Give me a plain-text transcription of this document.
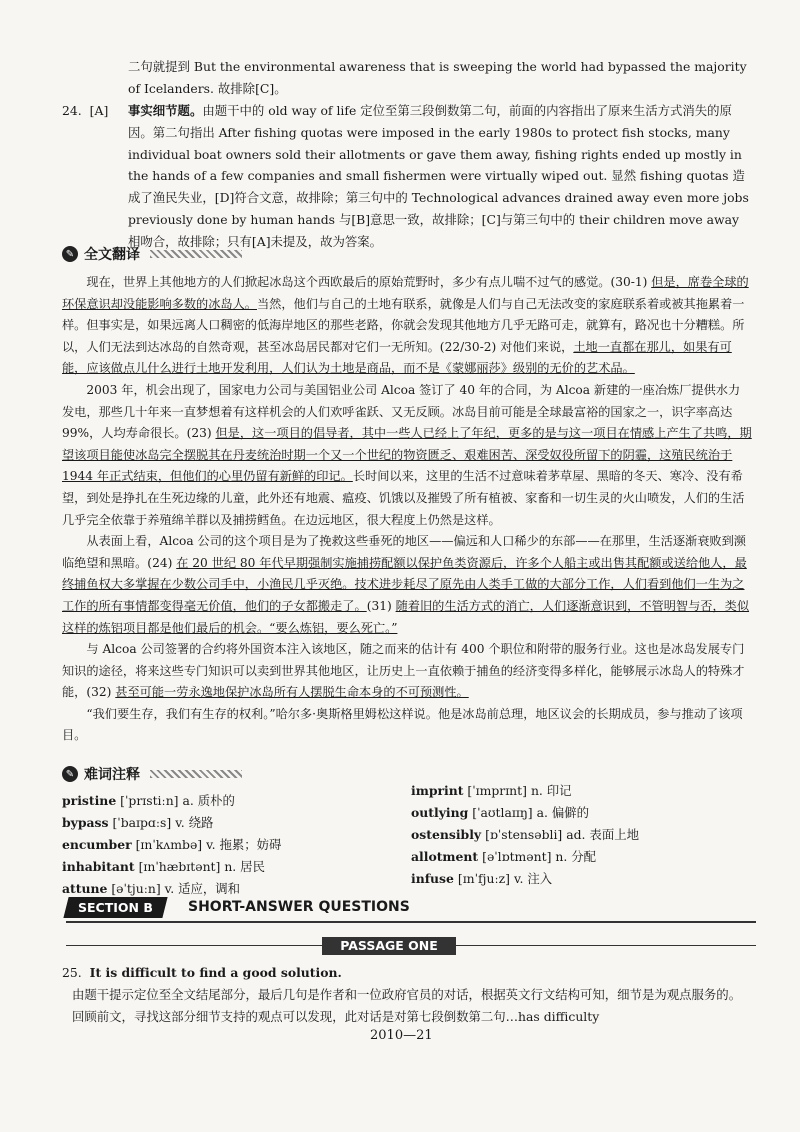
二句就提到 But the environmental awareness that is sweeping the world had bypassed the majority of Icelanders. 故排除[C]。
24. [A]	事实细节题。由题干中的 old way of life 定位至第三段倒数第二句，前面的内容指出了原来生活方式消失的原因。第二句指出 After fishing quotas were imposed in the early 1980s to protect fish stocks, many individual boat owners sold their allotments or gave them away, fishing rights ended up mostly in the hands of a few companies and small fishermen were virtually wiped out. 显然 fishing quotas 造成了渔民失业，[D]符合文意，故排除；第三句中的 Technological advances drained away even more jobs previously done by human hands 与[B]意思一致，故排除；[C]与第三句中的 their children move away 相吻合，故排除；只有[A]未提及，故为答案。
✎ 全文翻译

现在，世界上其他地方的人们掀起冰岛这个西欧最后的原始荒野时，多少有点儿喘不过气的感觉。(30-1) 但是，席卷全球的环保意识却没能影响多数的冰岛人。当然，他们与自己的土地有联系，就像是人们与自己无法改变的家庭联系着或被其拖累着一样。但事实是，如果远离人口稠密的低海岸地区的那些老路，你就会发现其他地方几乎无路可走，就算有，路况也十分糟糕。所以，人们无法到达冰岛的自然奇观，甚至冰岛居民都对它们一无所知。(22/30-2) 对他们来说，土地一直都在那儿，如果有可能，应该做点儿什么进行土地开发利用，人们认为土地是商品，而不是《蒙娜丽莎》级别的无价的艺术品。

2003 年，机会出现了，国家电力公司与美国铝业公司 Alcoa 签订了 40 年的合同，为 Alcoa 新建的一座冶炼厂提供水力发电，那些几十年来一直梦想着有这样机会的人们欢呼雀跃、又无反顾。冰岛目前可能是全球最富裕的国家之一，识字率高达 99%，人均寿命很长。(23) 但是，这一项目的倡导者，其中一些人已经上了年纪，更多的是与这一项目在情感上产生了共鸣，期望该项目能使冰岛完全摆脱其在丹麦统治时期一个又一个世纪的物资匮乏、艰难困苦、深受奴役所留下的阴霾，这殖民统治于 1944 年正式结束，但他们的心里仍留有新鲜的印记。长时间以来，这里的生活不过意味着茅草屋、黑暗的冬天、寒冷、没有希望，到处是挣扎在生死边缘的儿童，此外还有地震、瘟疫、饥饿以及摧毁了所有植被、家畜和一切生灵的火山喷发，人们的生活几乎完全依靠于养殖绵羊群以及捕捞鳕鱼。在边远地区，很大程度上仍然是这样。

从表面上看，Alcoa 公司的这个项目是为了挽救这些垂死的地区——偏远和人口稀少的东部——在那里，生活逐渐衰败到濒临绝望和黑暗。(24) 在 20 世纪 80 年代早期强制实施捕捞配额以保护鱼类资源后，许多个人船主或出售其配额或送给他人，最终捕鱼权大多掌握在少数公司手中，小渔民几乎灭绝。技术进步耗尽了原先由人类手工做的大部分工作，人们看到他们一生为之工作的所有事情都变得毫无价值，他们的子女都搬走了。(31) 随着旧的生活方式的消亡，人们逐渐意识到，不管明智与否，类似这样的炼铝项目都是他们最后的机会。“要么炼铝，要么死亡。”

与 Alcoa 公司签署的合约将外国资本注入该地区，随之而来的估计有 400 个职位和附带的服务行业。这也是冰岛发展专门知识的途径，将来这些专门知识可以卖到世界其他地区，让历史上一直依赖于捕鱼的经济变得多样化，能够展示冰岛人的特殊才能，(32) 甚至可能一劳永逸地保护冰岛所有人摆脱生命本身的不可预测性。

“我们要生存，我们有生存的权利。”哈尔多·奥斯格里姆松这样说。他是冰岛前总理，地区议会的长期成员，参与推动了该项目。

✎ 难词注释
pristine [ˈprɪstiːn] a. 质朴的
bypass [ˈbaɪpɑːs] v. 绕路
encumber [ɪnˈkʌmbə] v. 拖累；妨碍
inhabitant [ɪnˈhæbɪtənt] n. 居民
attune [əˈtjuːn] v. 适应，调和
imprint [ˈɪmprɪnt] n. 印记
outlying [ˈaʊtlaɪɪŋ] a. 偏僻的
ostensibly [ɒˈstensəbli] ad. 表面上地
allotment [əˈlɒtmənt] n. 分配
infuse [ɪnˈfjuːz] v. 注入
SECTION B	SHORT-ANSWER QUESTIONS
PASSAGE ONE
25. It is difficult to find a good solution.
由题干提示定位至全文结尾部分，最后几句是作者和一位政府官员的对话，根据英文行文结构可知，细节是为观点服务的。回顾前文，寻找这部分细节支持的观点可以发现，此对话是对第七段倒数第二句…has difficulty
2010—21
